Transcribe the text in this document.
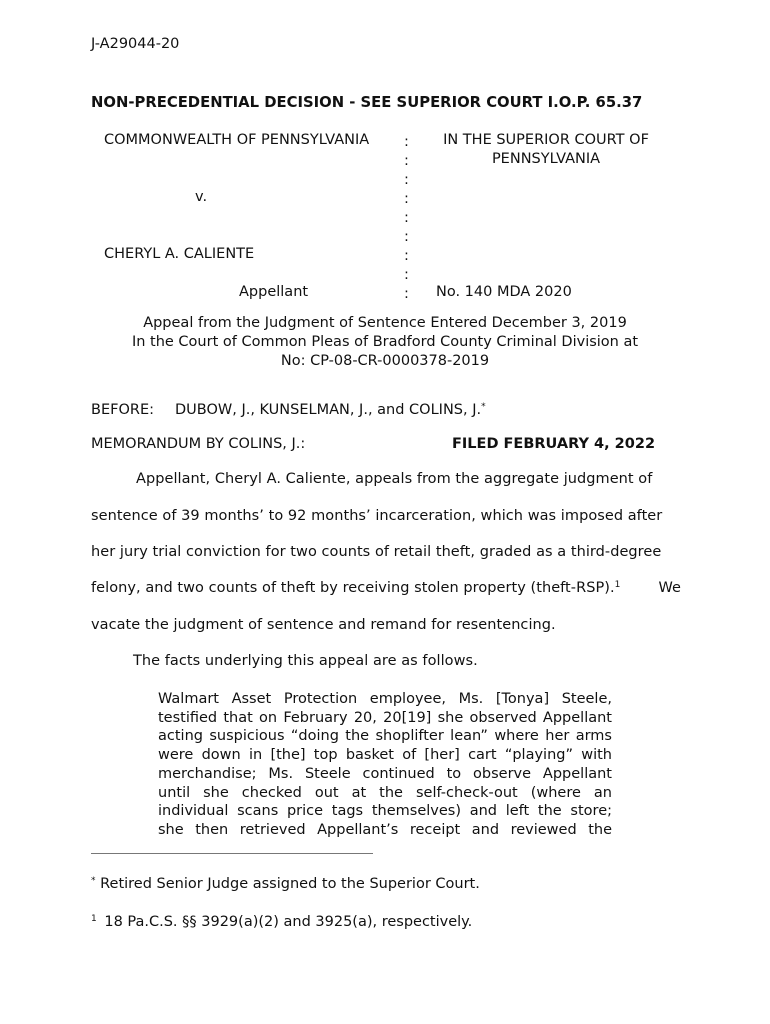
J-A29044-20
NON-PRECEDENTIAL DECISION - SEE SUPERIOR COURT I.O.P. 65.37
COMMONWEALTH OF PENNSYLVANIA
v.
CHERYL A. CALIENTE
Appellant
:
:
:
:
:
:
:
:
:
IN THE SUPERIOR COURT OF
PENNSYLVANIA
No. 140 MDA 2020
Appeal from the Judgment of Sentence Entered December 3, 2019
In the Court of Common Pleas of Bradford County Criminal Division at
No: CP-08-CR-0000378-2019
BEFORE: DUBOW, J., KUNSELMAN, J., and COLINS, J.*
MEMORANDUM BY COLINS, J.:	FILED FEBRUARY 4, 2022
Appellant, Cheryl A. Caliente, appeals from the aggregate judgment of
sentence of 39 months’ to 92 months’ incarceration, which was imposed after
her jury trial conviction for two counts of retail theft, graded as a third-degree
felony, and two counts of theft by receiving stolen property (theft-RSP).$^1$	We
vacate the judgment of sentence and remand for resentencing.
The facts underlying this appeal are as follows.
Walmart Asset Protection employee, Ms. [Tonya] Steele,
testified that on February 20, 20[19] she observed Appellant
acting suspicious “doing the shoplifter lean” where her arms
were down in [the] top basket of [her] cart “playing” with
merchandise; Ms. Steele continued to observe Appellant
until she checked out at the self-check-out (where an
individual scans price tags themselves) and left the store;
she then retrieved Appellant’s receipt and reviewed the
* Retired Senior Judge assigned to the Superior Court.
$^1$ 18 Pa.C.S. §§ 3929(a)(2) and 3925(a), respectively.
